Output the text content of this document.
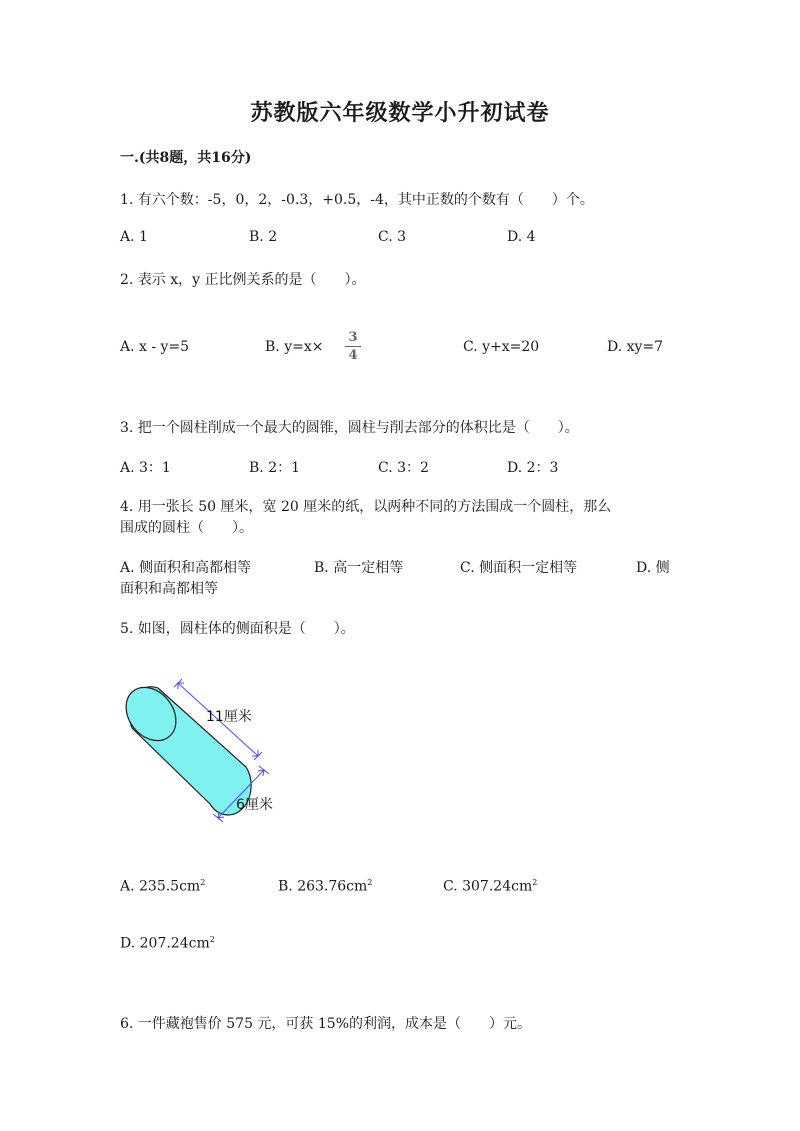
苏教版六年级数学小升初试卷
一.(共8题，共16分)
1. 有六个数：-5，0，2，-0.3，+0.5，-4，其中正数的个数有（　　）个。
A. 1	B. 2	C. 3	D. 4
2. 表示 x，y 正比例关系的是（　　）。
A. x - y=5	B. y=x×
3
4
C. y+x=20	D. xy=7
3. 把一个圆柱削成一个最大的圆锥，圆柱与削去部分的体积比是（　　）。
A. 3：1	B. 2：1	C. 3：2	D. 2：3
4. 用一张长 50 厘米，宽 20 厘米的纸，以两种不同的方法围成一个圆柱，那么
围成的圆柱（　　）。
A. 侧面积和高都相等	B. 高一定相等	C. 侧面积一定相等	D. 侧
面积和高都相等
5. 如图，圆柱体的侧面积是（　　）。
11厘米
6厘米
A. $235.5cm^2$	B. $263.76cm^2$	C. $307.24cm^2$
D. $207.24cm^2$
6. 一件藏袍售价 575 元，可获 15%的利润，成本是（　　）元。
